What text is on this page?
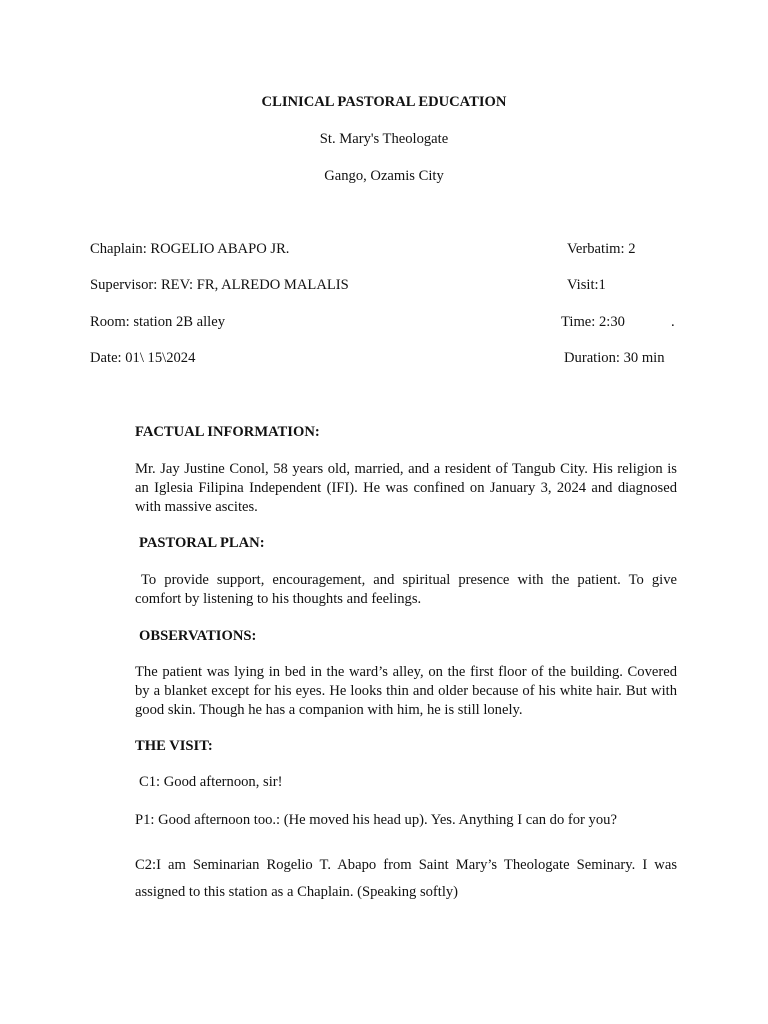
CLINICAL PASTORAL EDUCATION
St. Mary's Theologate
Gango, Ozamis City
Chaplain: ROGELIO ABAPO JR.	Verbatim: 2
Supervisor: REV: FR, ALREDO MALALIS	Visit:1
Room: station 2B alley	Time: 2:30	.
Date: 01\ 15\2024	Duration: 30 min
FACTUAL INFORMATION:
Mr. Jay Justine Conol, 58 years old, married, and a resident of Tangub City. His religion is an Iglesia Filipina Independent (IFI). He was confined on January 3, 2024 and diagnosed with massive ascites.
PASTORAL PLAN:
To provide support, encouragement, and spiritual presence with the patient. To give comfort by listening to his thoughts and feelings.
OBSERVATIONS:
The patient was lying in bed in the ward’s alley, on the first floor of the building. Covered by a blanket except for his eyes. He looks thin and older because of his white hair. But with good skin. Though he has a companion with him, he is still lonely.
THE VISIT:
C1: Good afternoon, sir!
P1: Good afternoon too.: (He moved his head up). Yes. Anything I can do for you?
C2:I am Seminarian Rogelio T. Abapo from Saint Mary’s Theologate Seminary. I was assigned to this station as a Chaplain. (Speaking softly)
